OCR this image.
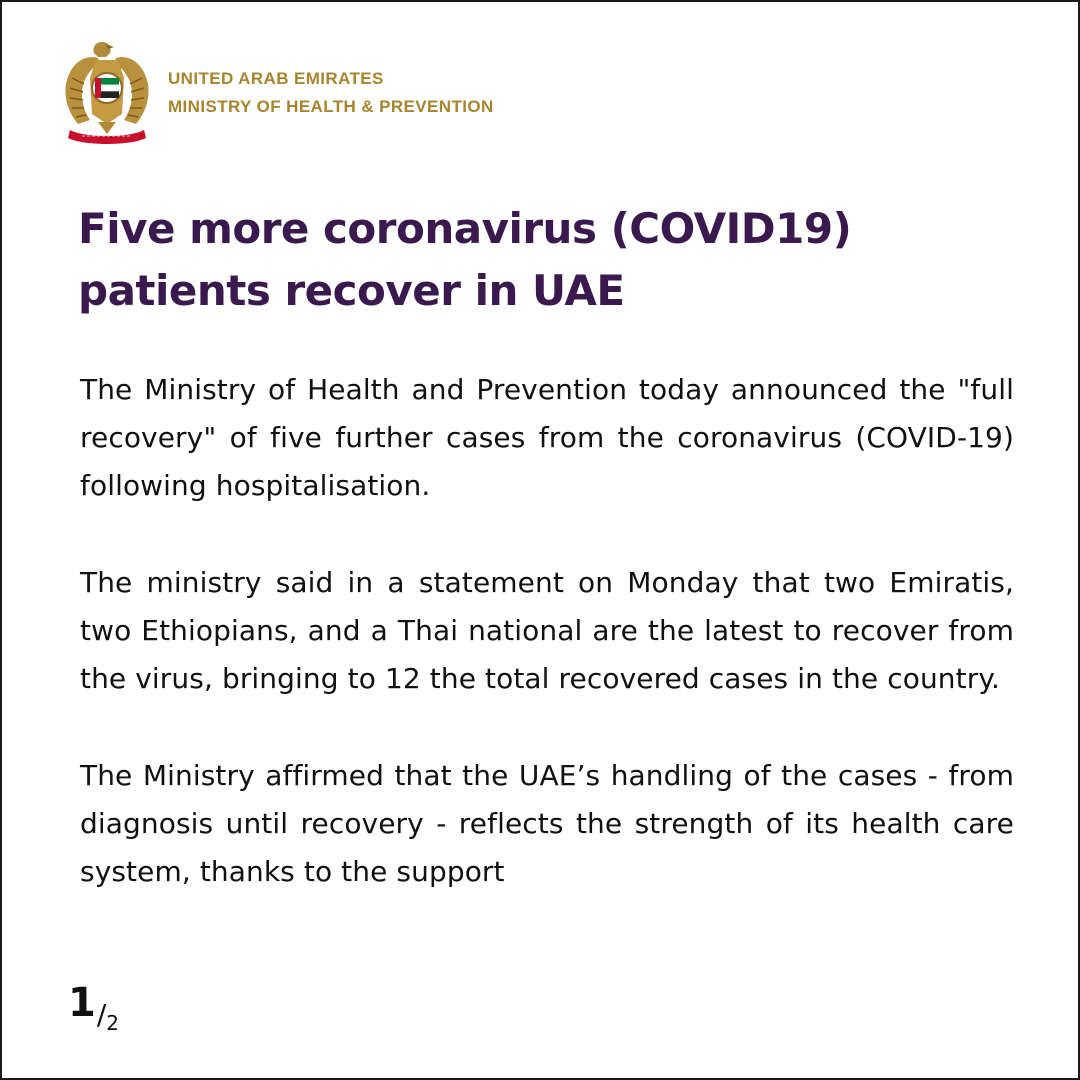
UNITED ARAB EMIRATES
MINISTRY OF HEALTH & PREVENTION
Five more coronavirus (COVID19) patients recover in UAE

The Ministry of Health and Prevention today announced the "full recovery" of five further cases from the coronavirus (COVID-19) following hospitalisation.

The ministry said in a statement on Monday that two Emiratis, two Ethiopians, and a Thai national are the latest to recover from the virus, bringing to 12 the total recovered cases in the country.

The Ministry affirmed that the UAE’s handling of the cases - from diagnosis until recovery - reflects the strength of its health care system, thanks to the support

1/2
